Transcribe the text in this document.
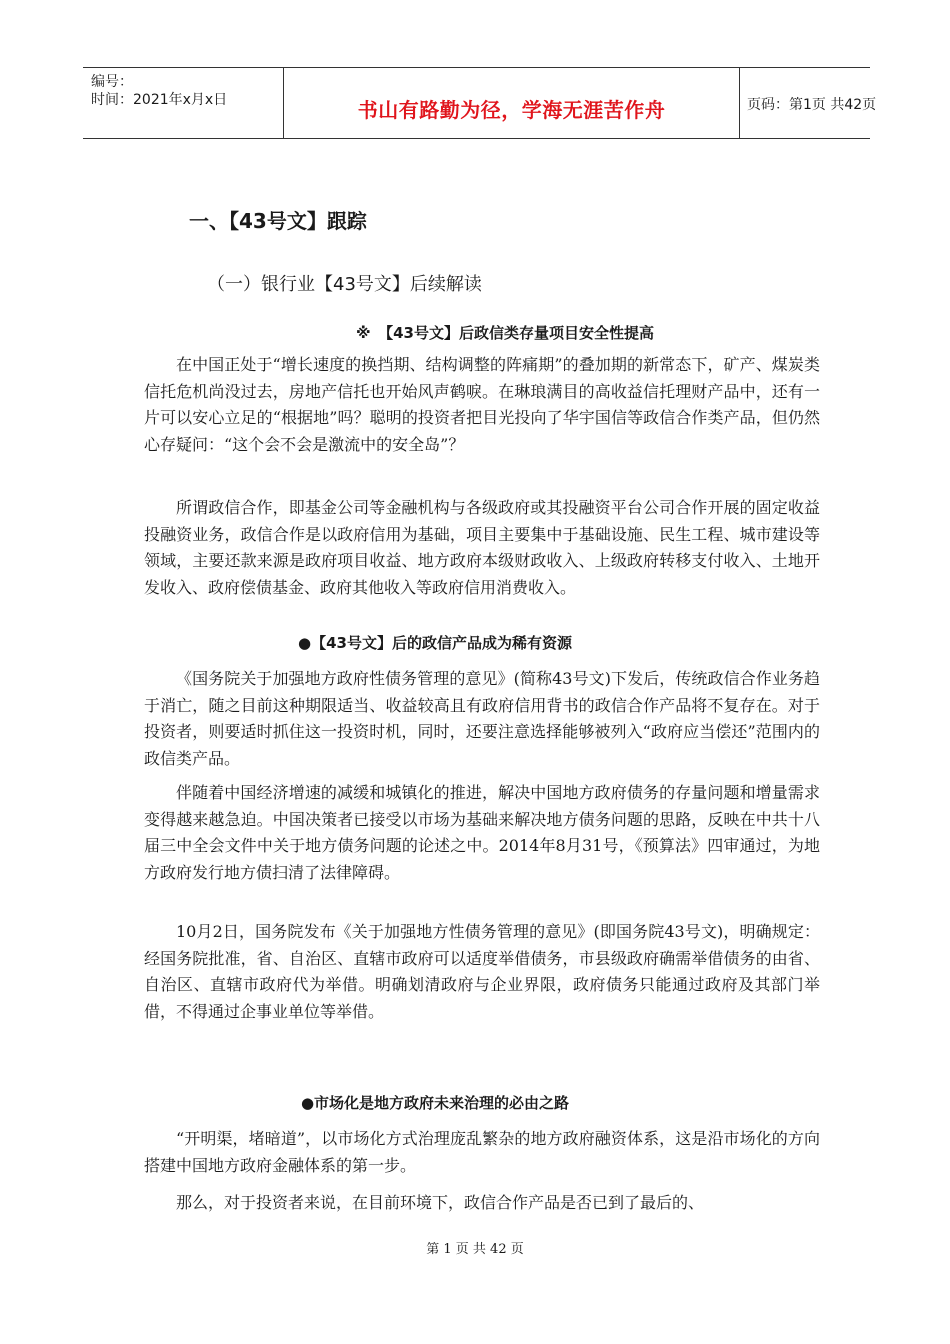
编号：
时间：2021年x月x日	书山有路勤为径，学海无涯苦作舟	页码：第1页 共42页
一、【43号文】跟踪
（一）银行业【43号文】后续解读
※　【43号文】后政信类存量项目安全性提高

在中国正处于“增长速度的换挡期、结构调整的阵痛期”的叠加期的新常态下，矿产、煤炭类信托危机尚没过去，房地产信托也开始风声鹤唳。在琳琅满目的高收益信托理财产品中，还有一片可以安心立足的“根据地”吗？聪明的投资者把目光投向了华宇国信等政信合作类产品，但仍然心存疑问：“这个会不会是激流中的安全岛”？

所谓政信合作，即基金公司等金融机构与各级政府或其投融资平台公司合作开展的固定收益投融资业务，政信合作是以政府信用为基础，项目主要集中于基础设施、民生工程、城市建设等领域，主要还款来源是政府项目收益、地方政府本级财政收入、上级政府转移支付收入、土地开发收入、政府偿债基金、政府其他收入等政府信用消费收入。

●【43号文】后的政信产品成为稀有资源

《国务院关于加强地方政府性债务管理的意见》(简称43号文)下发后，传统政信合作业务趋于消亡，随之目前这种期限适当、收益较高且有政府信用背书的政信合作产品将不复存在。对于投资者，则要适时抓住这一投资时机，同时，还要注意选择能够被列入“政府应当偿还”范围内的政信类产品。

伴随着中国经济增速的减缓和城镇化的推进，解决中国地方政府债务的存量问题和增量需求变得越来越急迫。中国决策者已接受以市场为基础来解决地方债务问题的思路，反映在中共十八届三中全会文件中关于地方债务问题的论述之中。2014年8月31号，《预算法》四审通过，为地方政府发行地方债扫清了法律障碍。

10月2日，国务院发布《关于加强地方性债务管理的意见》(即国务院43号文)，明确规定：经国务院批准，省、自治区、直辖市政府可以适度举借债务，市县级政府确需举借债务的由省、自治区、直辖市政府代为举借。明确划清政府与企业界限，政府债务只能通过政府及其部门举借，不得通过企事业单位等举借。

●市场化是地方政府未来治理的必由之路

“开明渠，堵暗道”，以市场化方式治理庞乱繁杂的地方政府融资体系，这是沿市场化的方向搭建中国地方政府金融体系的第一步。

那么，对于投资者来说，在目前环境下，政信合作产品是否已到了最后的、

第 1 页 共 42 页
